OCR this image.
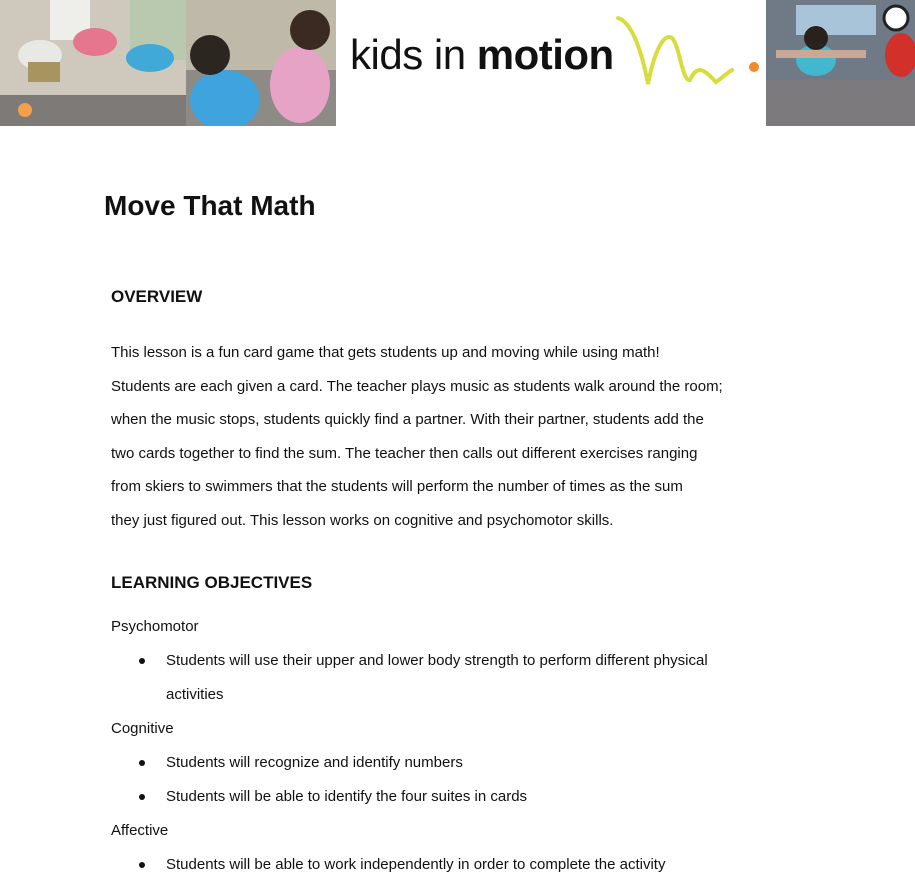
kids in motion
Move That Math
OVERVIEW

This lesson is a fun card game that gets students up and moving while using math!
Students are each given a card. The teacher plays music as students walk around the room;
when the music stops, students quickly find a partner. With their partner, students add the
two cards together to find the sum. The teacher then calls out different exercises ranging
from skiers to swimmers that the students will perform the number of times as the sum
they just figured out. This lesson works on cognitive and psychomotor skills.

LEARNING OBJECTIVES
Psychomotor
Students will use their upper and lower body strength to perform different physical
activities
Cognitive
Students will recognize and identify numbers
Students will be able to identify the four suites in cards
Affective
Students will be able to work independently in order to complete the activity
